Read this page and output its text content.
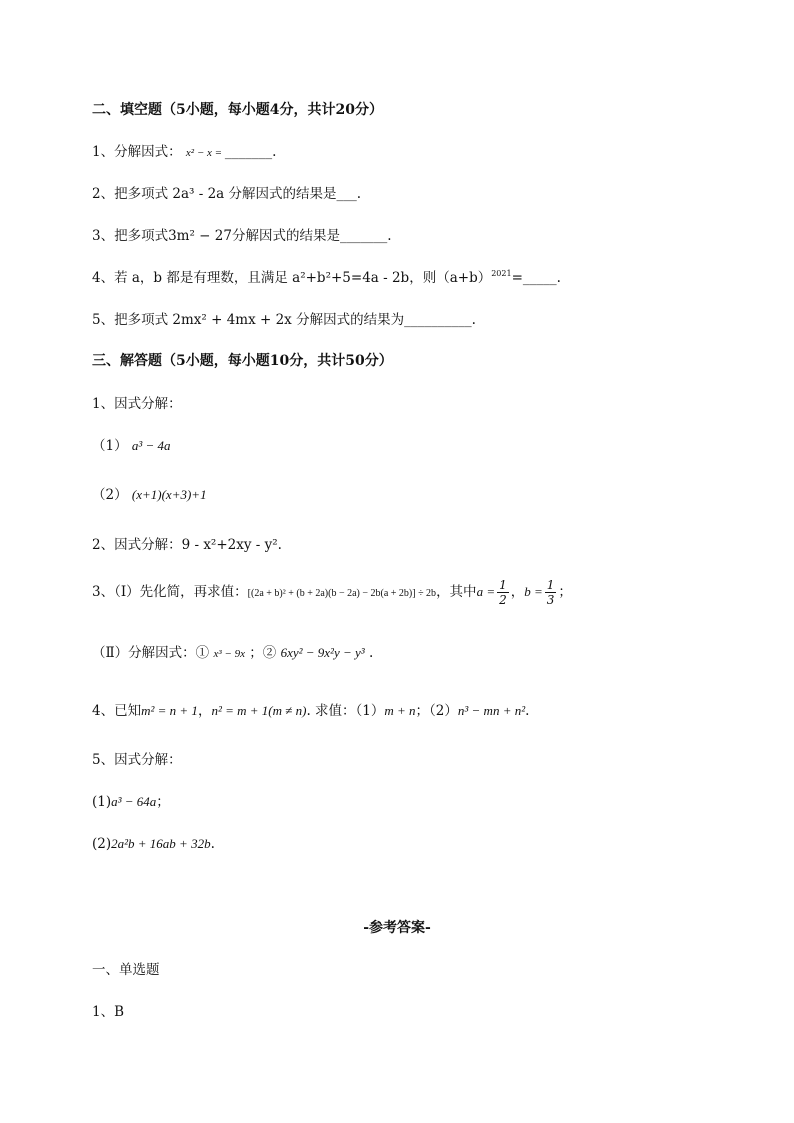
二、填空题（5小题，每小题4分，共计20分）
1、分解因式： x² − x = _______.
2、把多项式 2a³ - 2a 分解因式的结果是___.
3、把多项式3m² − 27分解因式的结果是_______.
4、若 a，b 都是有理数，且满足 a²+b²+5=4a - 2b，则$(a+b)^{2021}=\_\_\_\_\_$.
5、把多项式 2mx² + 4mx + 2x 分解因式的结果为__________.
三、解答题（5小题，每小题10分，共计50分）
1、因式分解：
（1） a³ − 4a
（2） (x+1)(x+3)+1
2、因式分解：9 - x²+2xy - y².
3、（Ⅰ）先化简，再求值：[(2a + b)² + (b + 2a)(b − 2a) − 2b(a + 2b)] ÷ 2b，其中$a = \frac{1}{2}$ ，$b = \frac{1}{3}$ ；
（Ⅱ）分解因式：① x³ − 9x ；② 6xy² − 9x²y − y³ .
4、已知m² = n + 1，n² = m + 1(m ≠ n). 求值：（1）m + n；（2）n³ − mn + n².
5、因式分解：
(1)a³ − 64a；
(2)2a²b + 16ab + 32b.
-参考答案-
一、单选题
1、B
